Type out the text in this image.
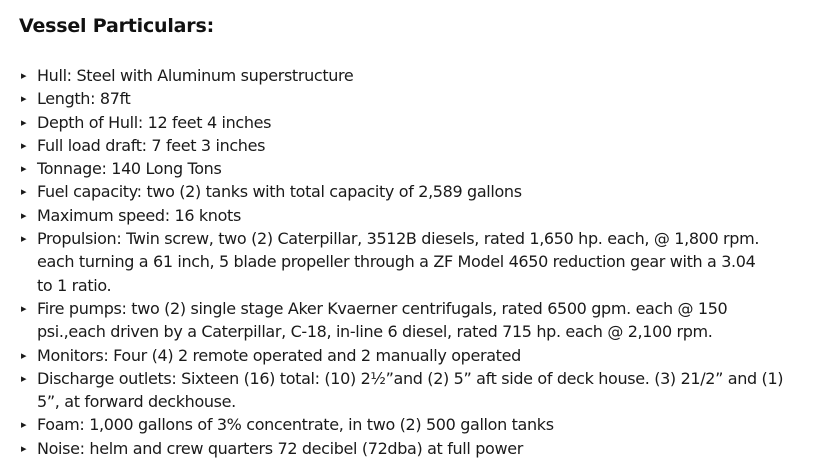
Vessel Particulars:
▸ Hull: Steel with Aluminum superstructure
▸ Length: 87ft
▸ Depth of Hull: 12 feet 4 inches
▸ Full load draft: 7 feet 3 inches
▸ Tonnage: 140 Long Tons
▸ Fuel capacity: two (2) tanks with total capacity of 2,589 gallons
▸ Maximum speed: 16 knots
▸ Propulsion: Twin screw, two (2) Caterpillar, 3512B diesels, rated 1,650 hp. each, @ 1,800 rpm.
each turning a 61 inch, 5 blade propeller through a ZF Model 4650 reduction gear with a 3.04
to 1 ratio.
▸ Fire pumps: two (2) single stage Aker Kvaerner centrifugals, rated 6500 gpm. each @ 150
psi.,each driven by a Caterpillar, C-18, in-line 6 diesel, rated 715 hp. each @ 2,100 rpm.
▸ Monitors: Four (4) 2 remote operated and 2 manually operated
▸ Discharge outlets: Sixteen (16) total: (10) 2½”and (2) 5” aft side of deck house. (3) 21/2” and (1)
5”, at forward deckhouse.
▸ Foam: 1,000 gallons of 3% concentrate, in two (2) 500 gallon tanks
▸ Noise: helm and crew quarters 72 decibel (72dba) at full power
